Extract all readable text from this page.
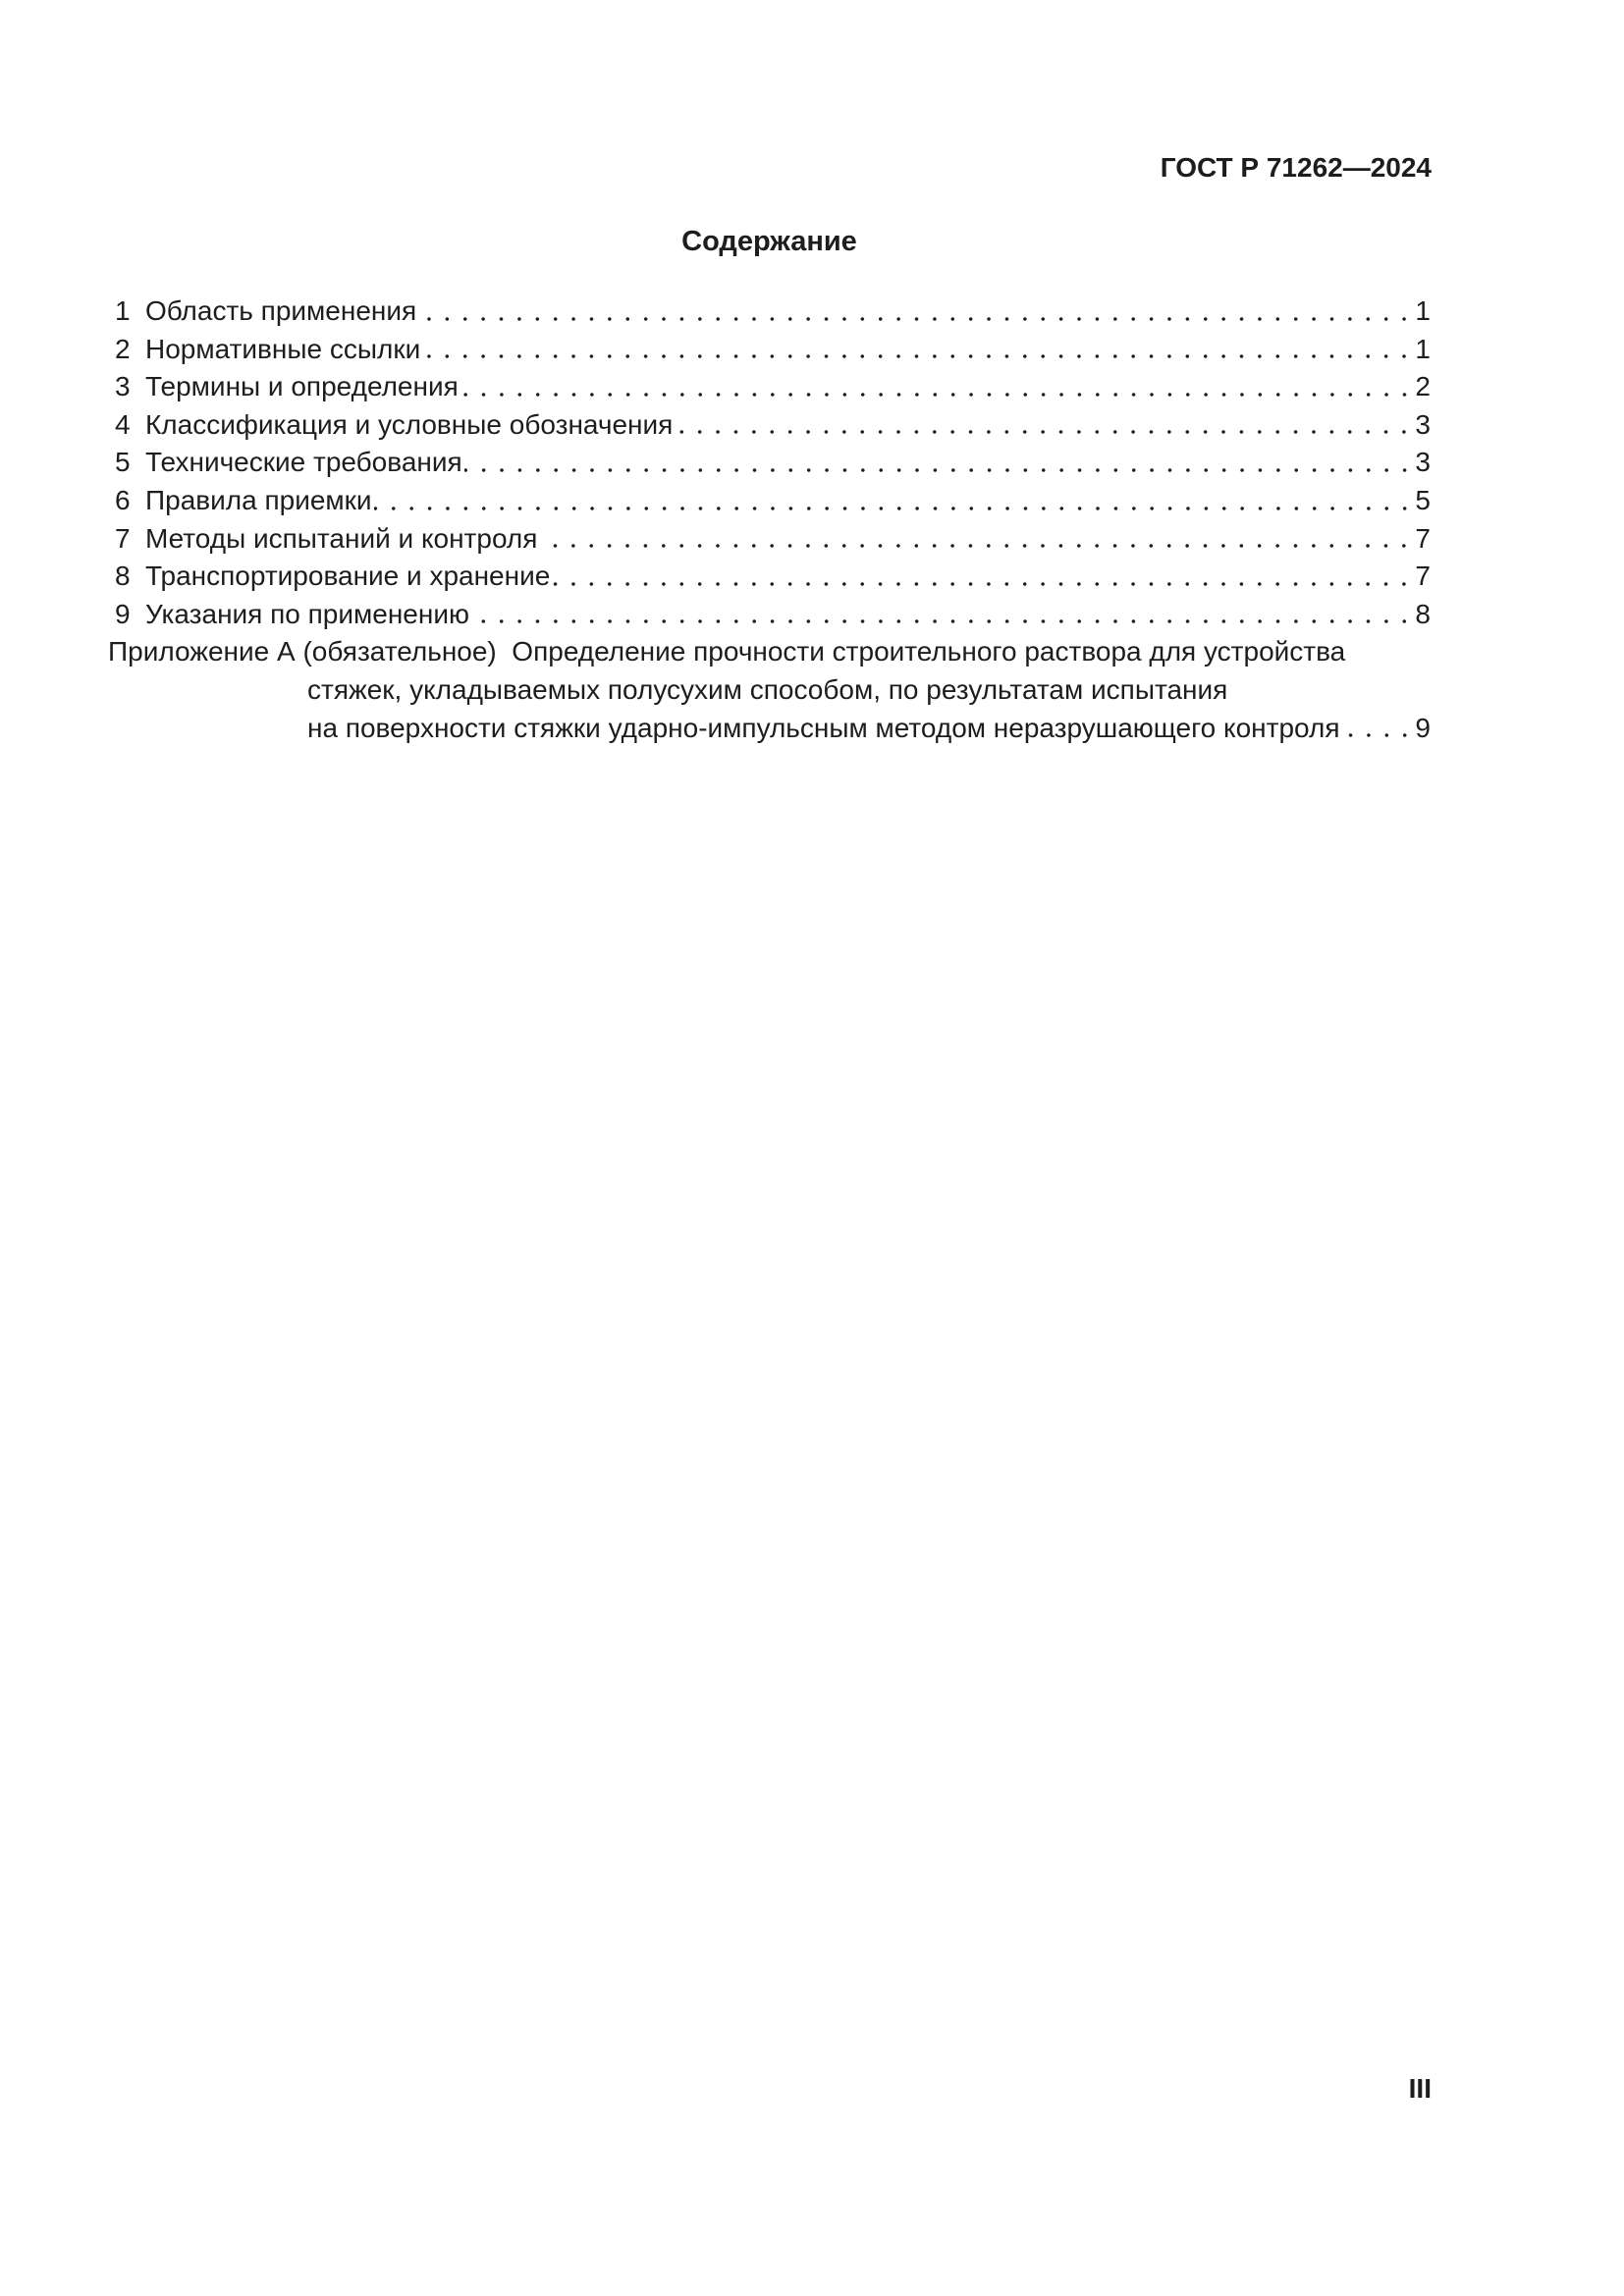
ГОСТ Р 71262—2024
Содержание
1 Область применения	1
2 Нормативные ссылки	1
3 Термины и определения	2
4 Классификация и условные обозначения	3
5 Технические требования	3
6 Правила приемки	5
7 Методы испытаний и контроля	7
8 Транспортирование и хранение	7
9 Указания по применению	8
Приложение А (обязательное)  Определение прочности строительного раствора для устройства
стяжек, укладываемых полусухим способом, по результатам испытания
на поверхности стяжки ударно-импульсным методом неразрушающего контроля	9
III
